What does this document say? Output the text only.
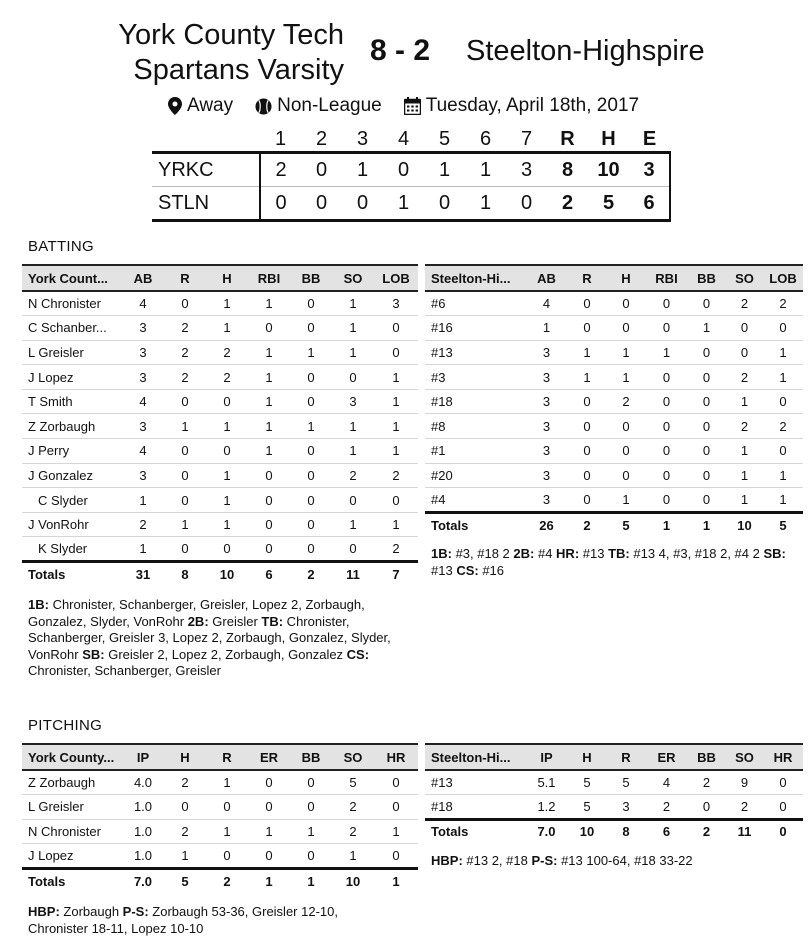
York County Tech
Spartans Varsity
8 - 2 Steelton-Highspire
Away Non-League Tuesday, April 18th, 2017
	1	2	3	4	5	6	7	R	H	E
YRKC	2	0	1	0	1	1	3	8	10	3
STLN	0	0	0	1	0	1	0	2	5	6
BATTING
York Count...	AB	R	H	RBI	BB	SO	LOB
N Chronister	4	0	1	1	0	1	3
C Schanber...	3	2	1	0	0	1	0
L Greisler	3	2	2	1	1	1	0
J Lopez	3	2	2	1	0	0	1
T Smith	4	0	0	1	0	3	1
Z Zorbaugh	3	1	1	1	1	1	1
J Perry	4	0	0	1	0	1	1
J Gonzalez	3	0	1	0	0	2	2
C Slyder	1	0	1	0	0	0	0
J VonRohr	2	1	1	0	0	1	1
K Slyder	1	0	0	0	0	0	2
Totals	31	8	10	6	2	11	7
1B: Chronister, Schanberger, Greisler, Lopez 2, Zorbaugh, Gonzalez, Slyder, VonRohr 2B: Greisler TB: Chronister, Schanberger, Greisler 3, Lopez 2, Zorbaugh, Gonzalez, Slyder, VonRohr SB: Greisler 2, Lopez 2, Zorbaugh, Gonzalez CS: Chronister, Schanberger, Greisler
Steelton-Hi...	AB	R	H	RBI	BB	SO	LOB
#6	4	0	0	0	0	2	2
#16	1	0	0	0	1	0	0
#13	3	1	1	1	0	0	1
#3	3	1	1	0	0	2	1
#18	3	0	2	0	0	1	0
#8	3	0	0	0	0	2	2
#1	3	0	0	0	0	1	0
#20	3	0	0	0	0	1	1
#4	3	0	1	0	0	1	1
Totals	26	2	5	1	1	10	5
1B: #3, #18 2 2B: #4 HR: #13 TB: #13 4, #3, #18 2, #4 2 SB: #13 CS: #16
York County...	IP	H	R	ER	BB	SO	HR
Z Zorbaugh	4.0	2	1	0	0	5	0
L Greisler	1.0	0	0	0	0	2	0
N Chronister	1.0	2	1	1	1	2	1
J Lopez	1.0	1	0	0	0	1	0
Totals	7.0	5	2	1	1	10	1
HBP: Zorbaugh P-S: Zorbaugh 53-36, Greisler 12-10, Chronister 18-11, Lopez 10-10
Steelton-Hi...	IP	H	R	ER	BB	SO	HR
#13	5.1	5	5	4	2	9	0
#18	1.2	5	3	2	0	2	0
Totals	7.0	10	8	6	2	11	0
HBP: #13 2, #18 P-S: #13 100-64, #18 33-22
PITCHING
